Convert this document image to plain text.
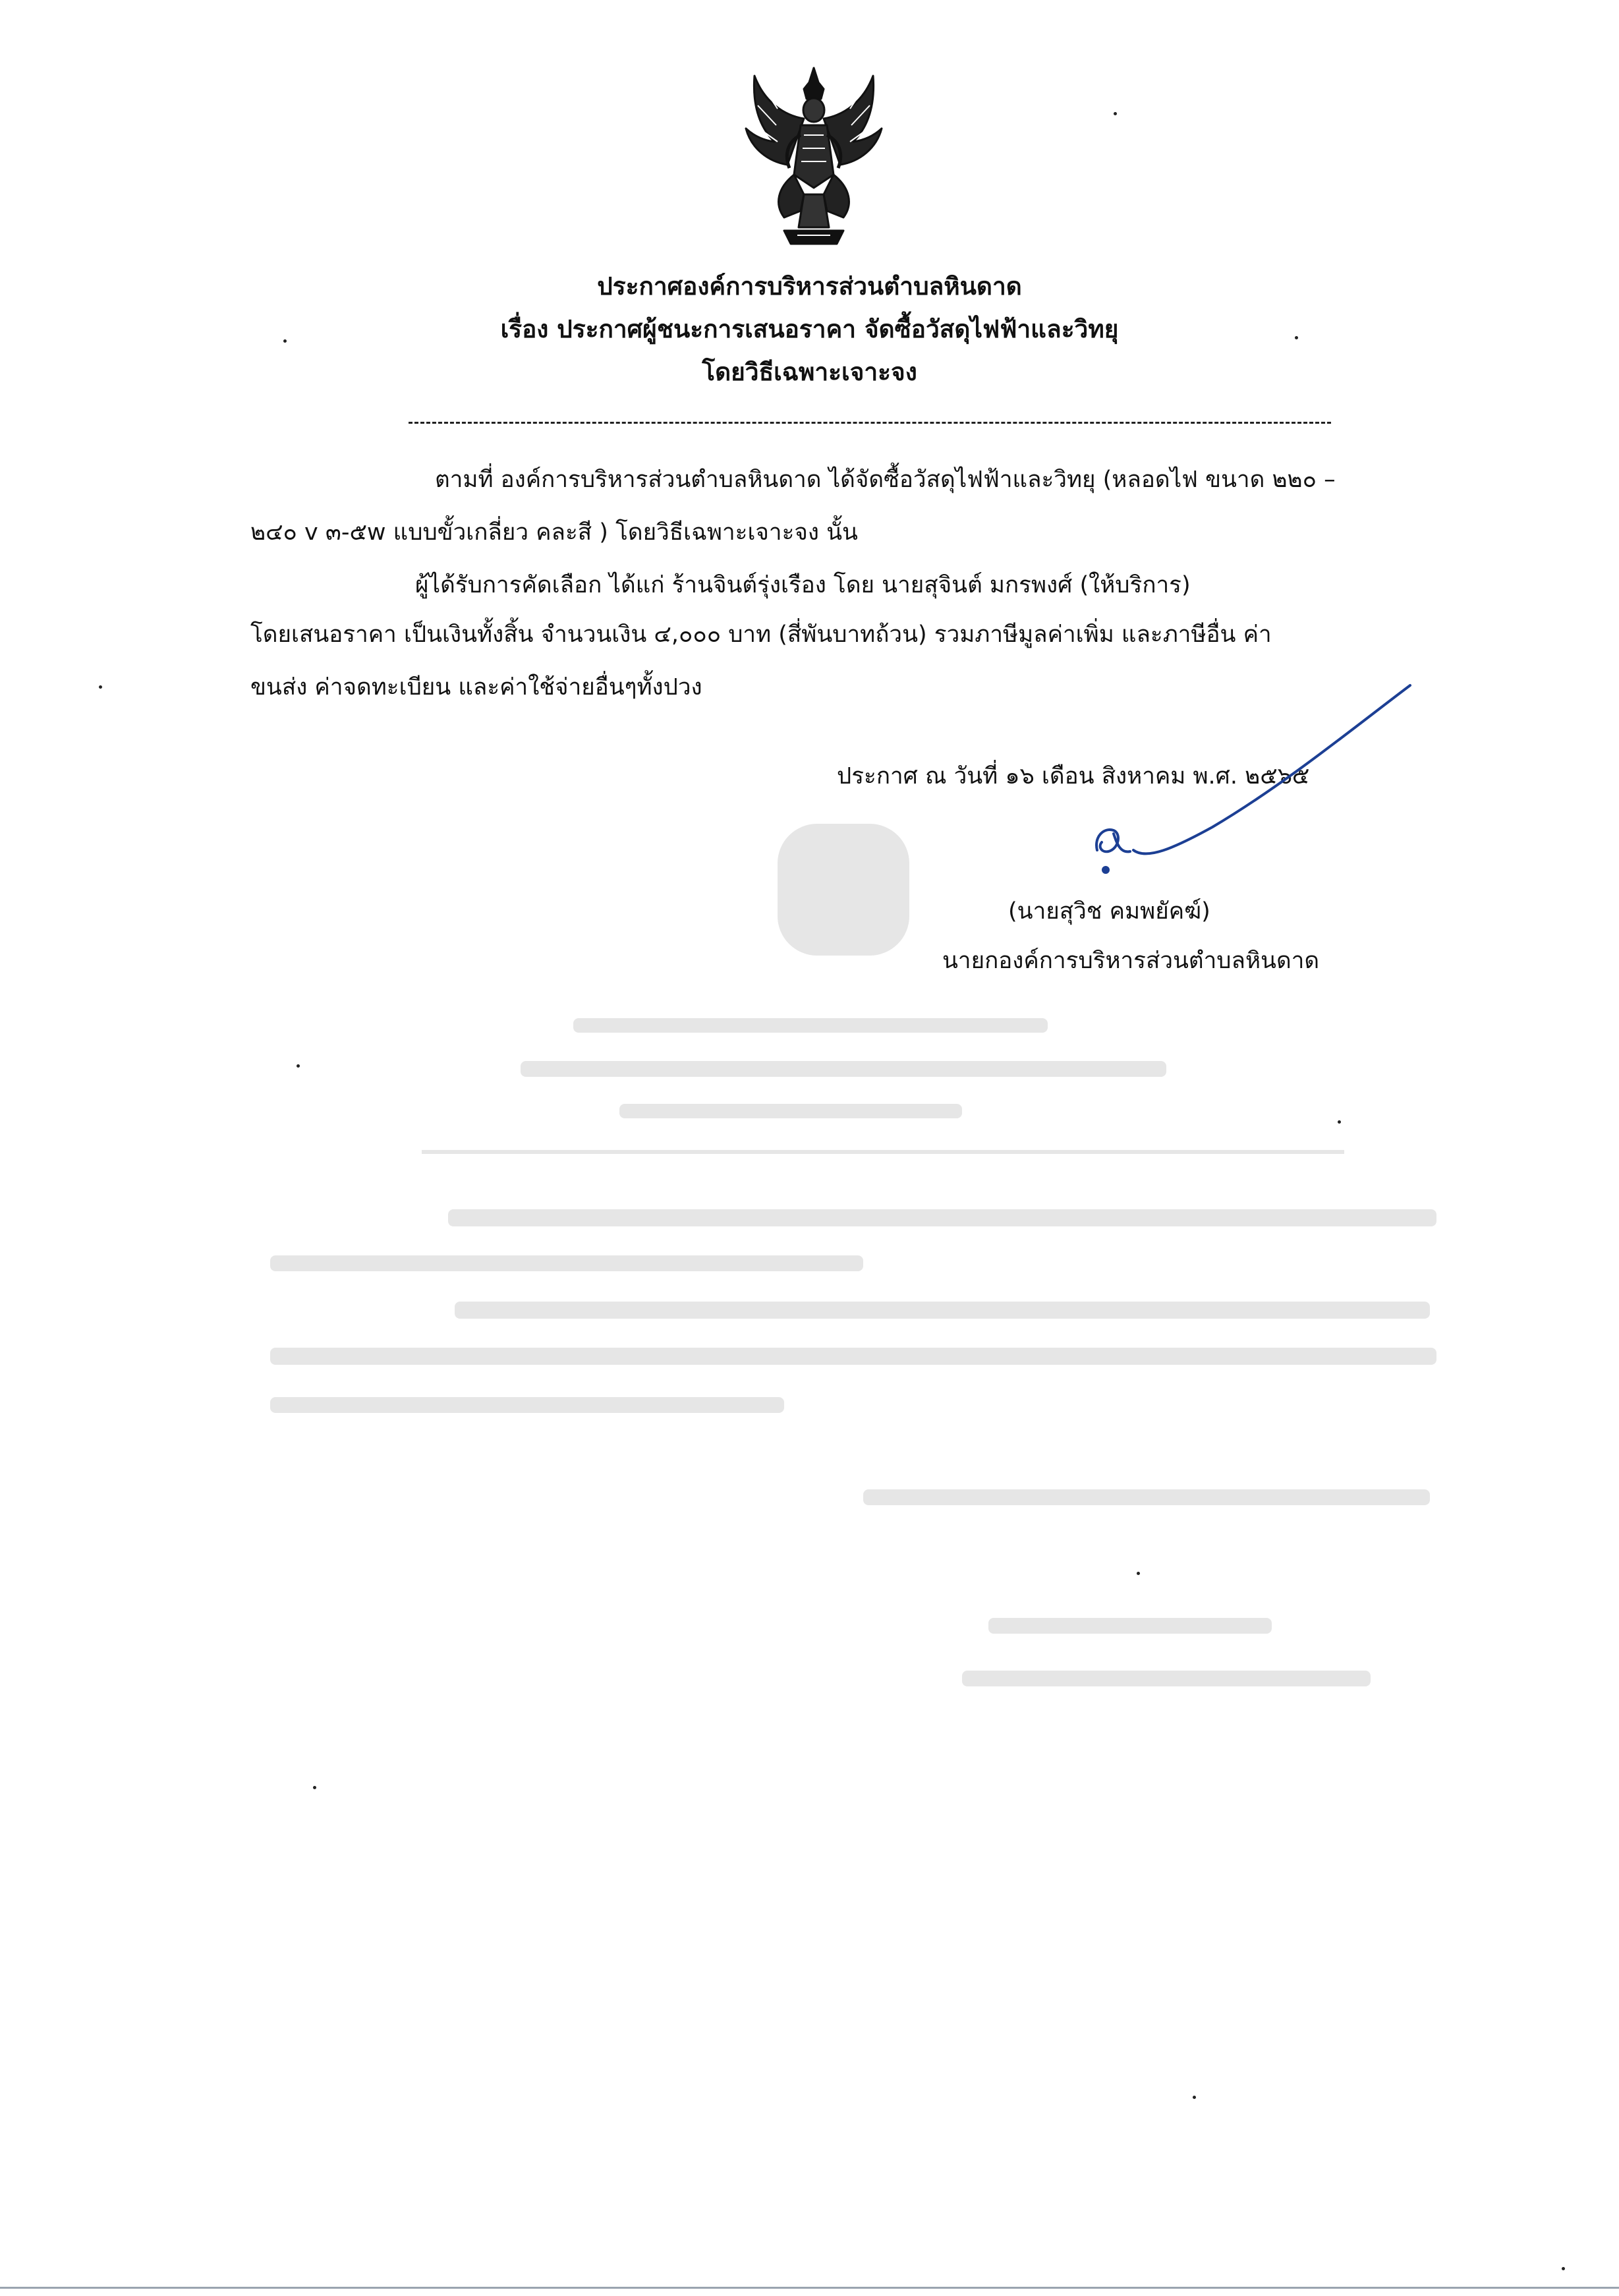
ประกาศองค์การบริหารส่วนตำบลหินดาด
เรื่อง ประกาศผู้ชนะการเสนอราคา จัดซื้อวัสดุไฟฟ้าและวิทยุ
โดยวิธีเฉพาะเจาะจง
ตามที่ องค์การบริหารส่วนตำบลหินดาด ได้จัดซื้อวัสดุไฟฟ้าและวิทยุ (หลอดไฟ ขนาด ๒๒๐ –
๒๔๐ v ๓-๕w แบบขั้วเกลี่ยว คละสี ) โดยวิธีเฉพาะเจาะจง นั้น
ผู้ได้รับการคัดเลือก ได้แก่ ร้านจินต์รุ่งเรือง โดย นายสุจินต์ มกรพงศ์ (ให้บริการ)
โดยเสนอราคา เป็นเงินทั้งสิ้น จำนวนเงิน ๔,๐๐๐ บาท (สี่พันบาทถ้วน) รวมภาษีมูลค่าเพิ่ม และภาษีอื่น ค่า
ขนส่ง ค่าจดทะเบียน และค่าใช้จ่ายอื่นๆทั้งปวง
ประกาศ ณ วันที่ ๑๖ เดือน สิงหาคม พ.ศ. ๒๕๖๕
(นายสุวิช คมพยัคฆ์)
นายกองค์การบริหารส่วนตำบลหินดาด
